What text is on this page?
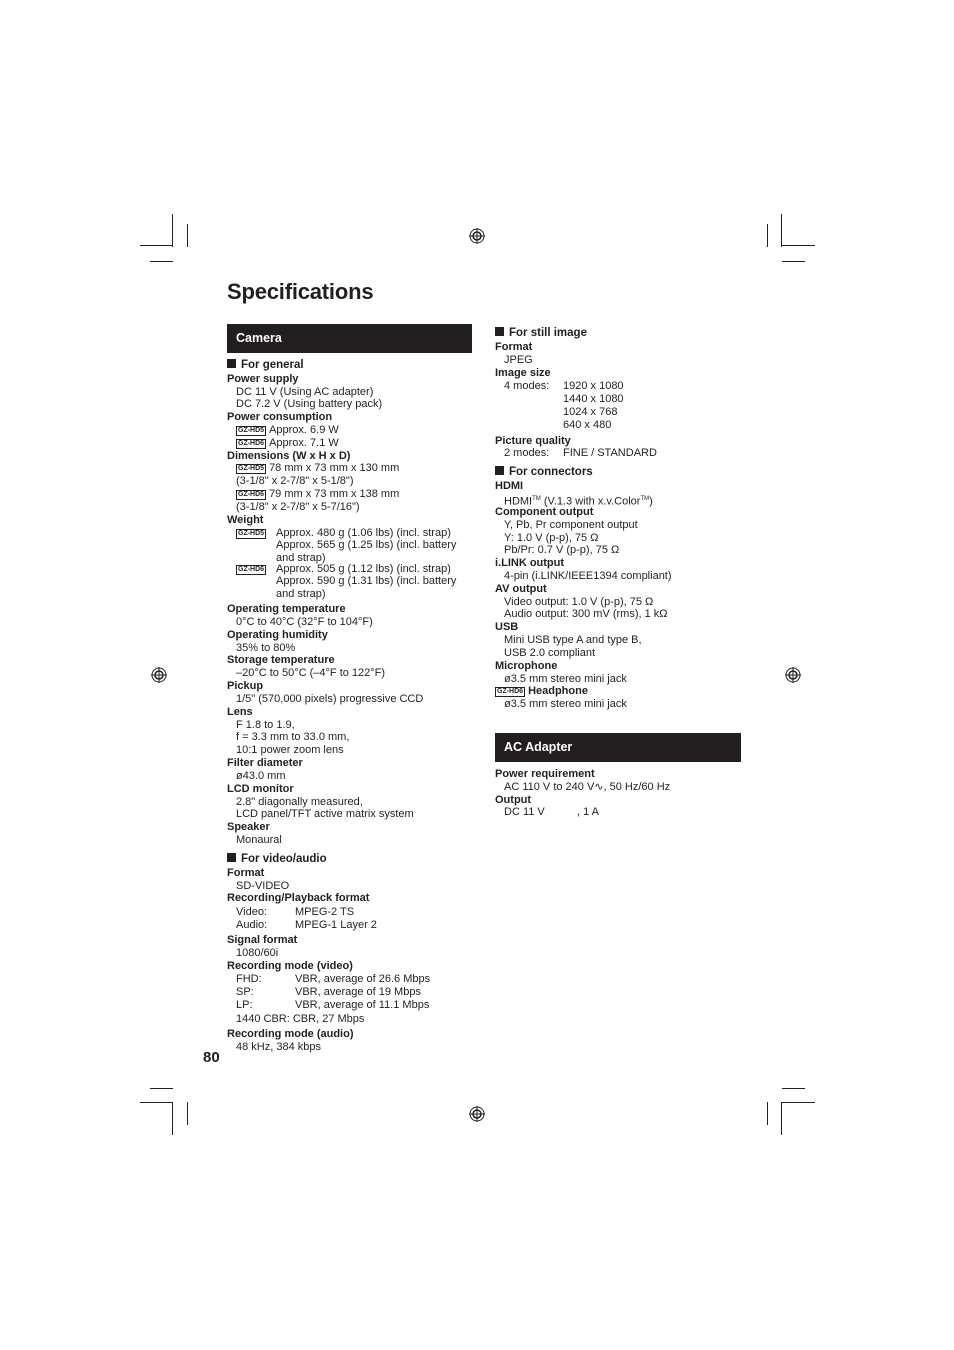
Specifications
Camera
For general
Power supply
DC 11 V (Using AC adapter)
DC 7.2 V (Using battery pack)
Power consumption
GZ-HD5 Approx. 6.9 W
GZ-HD6 Approx. 7.1 W
Dimensions (W x H x D)
GZ-HD5 78 mm x 73 mm x 130 mm
(3-1/8" x 2-7/8" x 5-1/8")
GZ-HD6 79 mm x 73 mm x 138 mm
(3-1/8" x 2-7/8" x 5-7/16")
Weight
GZ-HD5	Approx. 480 g (1.06 lbs) (incl. strap)
Approx. 565 g (1.25 lbs) (incl. battery
and strap)
GZ-HD6	Approx. 505 g (1.12 lbs) (incl. strap)
Approx. 590 g (1.31 lbs) (incl. battery
and strap)
Operating temperature
0°C to 40°C (32°F to 104°F)
Operating humidity
35% to 80%
Storage temperature
–20°C to 50°C (–4°F to 122°F)
Pickup
1/5" (570,000 pixels) progressive CCD
Lens
F 1.8 to 1.9,
f = 3.3 mm to 33.0 mm,
10:1 power zoom lens
Filter diameter
ø43.0 mm
LCD monitor
2.8" diagonally measured,
LCD panel/TFT active matrix system
Speaker
Monaural
For video/audio
Format
SD-VIDEO
Recording/Playback format
Video:	MPEG-2 TS
Audio:	MPEG-1 Layer 2
Signal format
1080/60i
Recording mode (video)
FHD:	VBR, average of 26.6 Mbps
SP:	VBR, average of 19 Mbps
LP:	VBR, average of 11.1 Mbps
1440 CBR: CBR, 27 Mbps
Recording mode (audio)
48 kHz, 384 kbps
80
For still image
Format
JPEG
Image size
4 modes: 1920 x 1080
1440 x 1080
1024 x 768
640 x 480
Picture quality
2 modes: FINE / STANDARD
For connectors
HDMI
HDMI™ (V.1.3 with x.v.Color™)
Component output
Y, Pb, Pr component output
Y: 1.0 V (p-p), 75 Ω
Pb/Pr: 0.7 V (p-p), 75 Ω
i.LINK output
4-pin (i.LINK/IEEE1394 compliant)
AV output
Video output: 1.0 V (p-p), 75 Ω
Audio output: 300 mV (rms), 1 kΩ
USB
Mini USB type A and type B,
USB 2.0 compliant
Microphone
ø3.5 mm stereo mini jack
GZ-HD6 Headphone
ø3.5 mm stereo mini jack
AC Adapter
Power requirement
AC 110 V to 240 V∿, 50 Hz/60 Hz
Output
DC 11 V	, 1 A
